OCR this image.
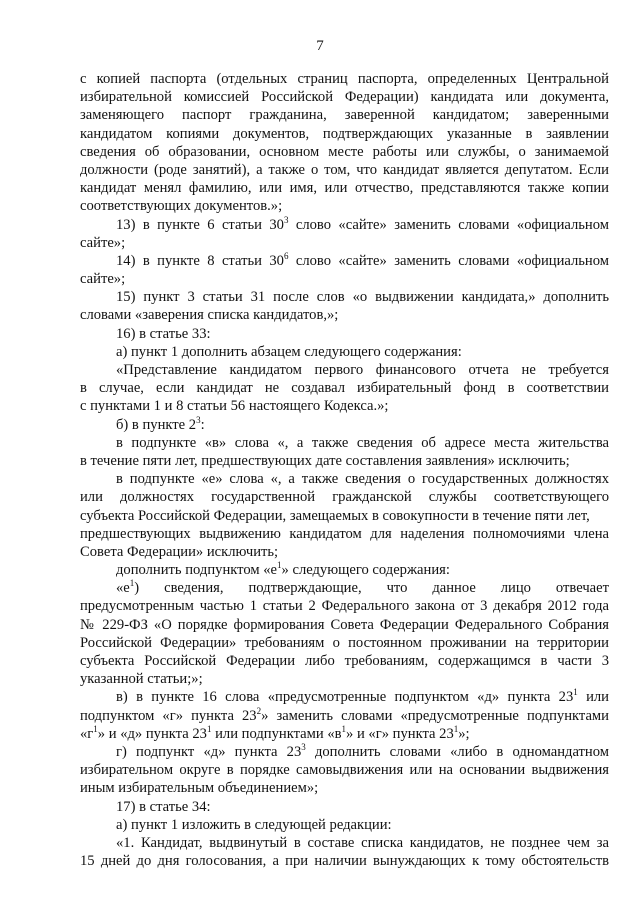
7

с копией паспорта (отдельных страниц паспорта, определенных Центральной

избирательной комиссией Российской Федерации) кандидата или документа,

заменяющего паспорт гражданина, заверенной кандидатом; заверенными

кандидатом копиями документов, подтверждающих указанные в заявлении

сведения об образовании, основном месте работы или службы, о занимаемой

должности (роде занятий), а также о том, что кандидат является депутатом. Если

кандидат менял фамилию, или имя, или отчество, представляются также копии

соответствующих документов.»;

13) в пункте 6 статьи $30^3$ слово «сайте» заменить словами «официальном

сайте»;

14) в пункте 8 статьи $30^6$ слово «сайте» заменить словами «официальном

сайте»;

15) пункт 3 статьи 31 после слов «о выдвижении кандидата,» дополнить

словами «заверения списка кандидатов,»;

16) в статье 33:

а) пункт 1 дополнить абзацем следующего содержания:

«Представление кандидатом первого финансового отчета не требуется

в случае, если кандидат не создавал избирательный фонд в соответствии

с пунктами 1 и 8 статьи 56 настоящего Кодекса.»;

б) в пункте $2^3$:

в подпункте «в» слова «, а также сведения об адресе места жительства

в течение пяти лет, предшествующих дате составления заявления» исключить;

в подпункте «е» слова «, а также сведения о государственных должностях

или должностях государственной гражданской службы соответствующего

субъекта Российской Федерации, замещаемых в совокупности в течение пяти лет,

предшествующих выдвижению кандидатом для наделения полномочиями члена

Совета Федерации» исключить;

дополнить подпунктом «$е^1$» следующего содержания:

«$е^1$) сведения, подтверждающие, что данное лицо отвечает

предусмотренным частью 1 статьи 2 Федерального закона от 3 декабря 2012 года

№ 229-ФЗ «О порядке формирования Совета Федерации Федерального Собрания

Российской Федерации» требованиям о постоянном проживании на территории

субъекта Российской Федерации либо требованиям, содержащимся в части 3

указанной статьи;»;

в) в пункте 16 слова «предусмотренные подпунктом «д» пункта $23^1$ или

подпунктом «г» пункта $23^2$» заменить словами «предусмотренные подпунктами

«$г^1$» и «д» пункта $23^1$ или подпунктами «$в^1$» и «г» пункта $23^1$»;

г) подпункт «д» пункта $23^3$ дополнить словами «либо в одномандатном

избирательном округе в порядке самовыдвижения или на основании выдвижения

иным избирательным объединением»;

17) в статье 34:

а) пункт 1 изложить в следующей редакции:

«1. Кандидат, выдвинутый в составе списка кандидатов, не позднее чем за

15 дней до дня голосования, а при наличии вынуждающих к тому обстоятельств
